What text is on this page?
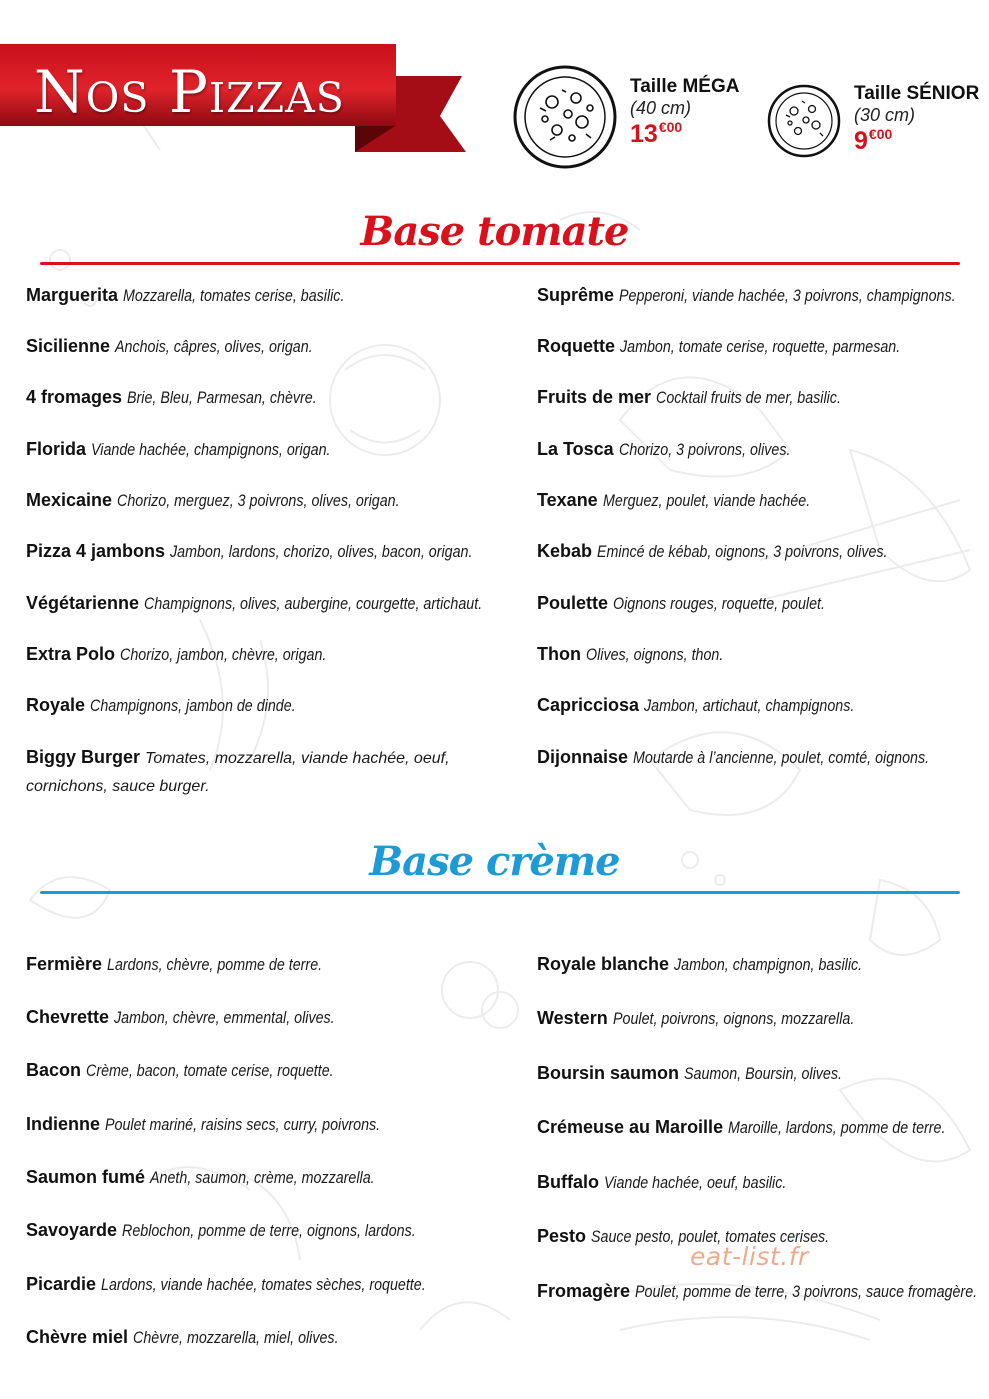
Nos Pizzas	Taille MÉGA
(40 cm)
$13^{€00}$
Taille SÉNIOR
(30 cm)
$9^{€00}$
Base tomate
Marguerita Mozzarella, tomates cerise, basilic.
Sicilienne Anchois, câpres, olives, origan.
4 fromages Brie, Bleu, Parmesan, chèvre.
Florida Viande hachée, champignons, origan.
Mexicaine Chorizo, merguez, 3 poivrons, olives, origan.
Pizza 4 jambons Jambon, lardons, chorizo, olives, bacon, origan.
Végétarienne Champignons, olives, aubergine, courgette, artichaut.
Extra Polo Chorizo, jambon, chèvre, origan.
Royale Champignons, jambon de dinde.
Biggy Burger Tomates, mozzarella, viande hachée, oeuf, cornichons, sauce burger.
Suprême Pepperoni, viande hachée, 3 poivrons, champignons.
Roquette Jambon, tomate cerise, roquette, parmesan.
Fruits de mer Cocktail fruits de mer, basilic.
La Tosca Chorizo, 3 poivrons, olives.
Texane Merguez, poulet, viande hachée.
Kebab Emincé de kébab, oignons, 3 poivrons, olives.
Poulette Oignons rouges, roquette, poulet.
Thon Olives, oignons, thon.
Capricciosa Jambon, artichaut, champignons.
Dijonnaise Moutarde à l’ancienne, poulet, comté, oignons.
Base crème
Fermière Lardons, chèvre, pomme de terre.
Chevrette Jambon, chèvre, emmental, olives.
Bacon Crème, bacon, tomate cerise, roquette.
Indienne Poulet mariné, raisins secs, curry, poivrons.
Saumon fumé Aneth, saumon, crème, mozzarella.
Savoyarde Reblochon, pomme de terre, oignons, lardons.
Picardie Lardons, viande hachée, tomates sèches, roquette.
Chèvre miel Chèvre, mozzarella, miel, olives.
Royale blanche Jambon, champignon, basilic.
Western Poulet, poivrons, oignons, mozzarella.
Boursin saumon Saumon, Boursin, olives.
Crémeuse au Maroille Maroille, lardons, pomme de terre.
Buffalo Viande hachée, oeuf, basilic.
Pesto Sauce pesto, poulet, tomates cerises.
Fromagère Poulet, pomme de terre, 3 poivrons, sauce fromagère.
eat-list.fr
